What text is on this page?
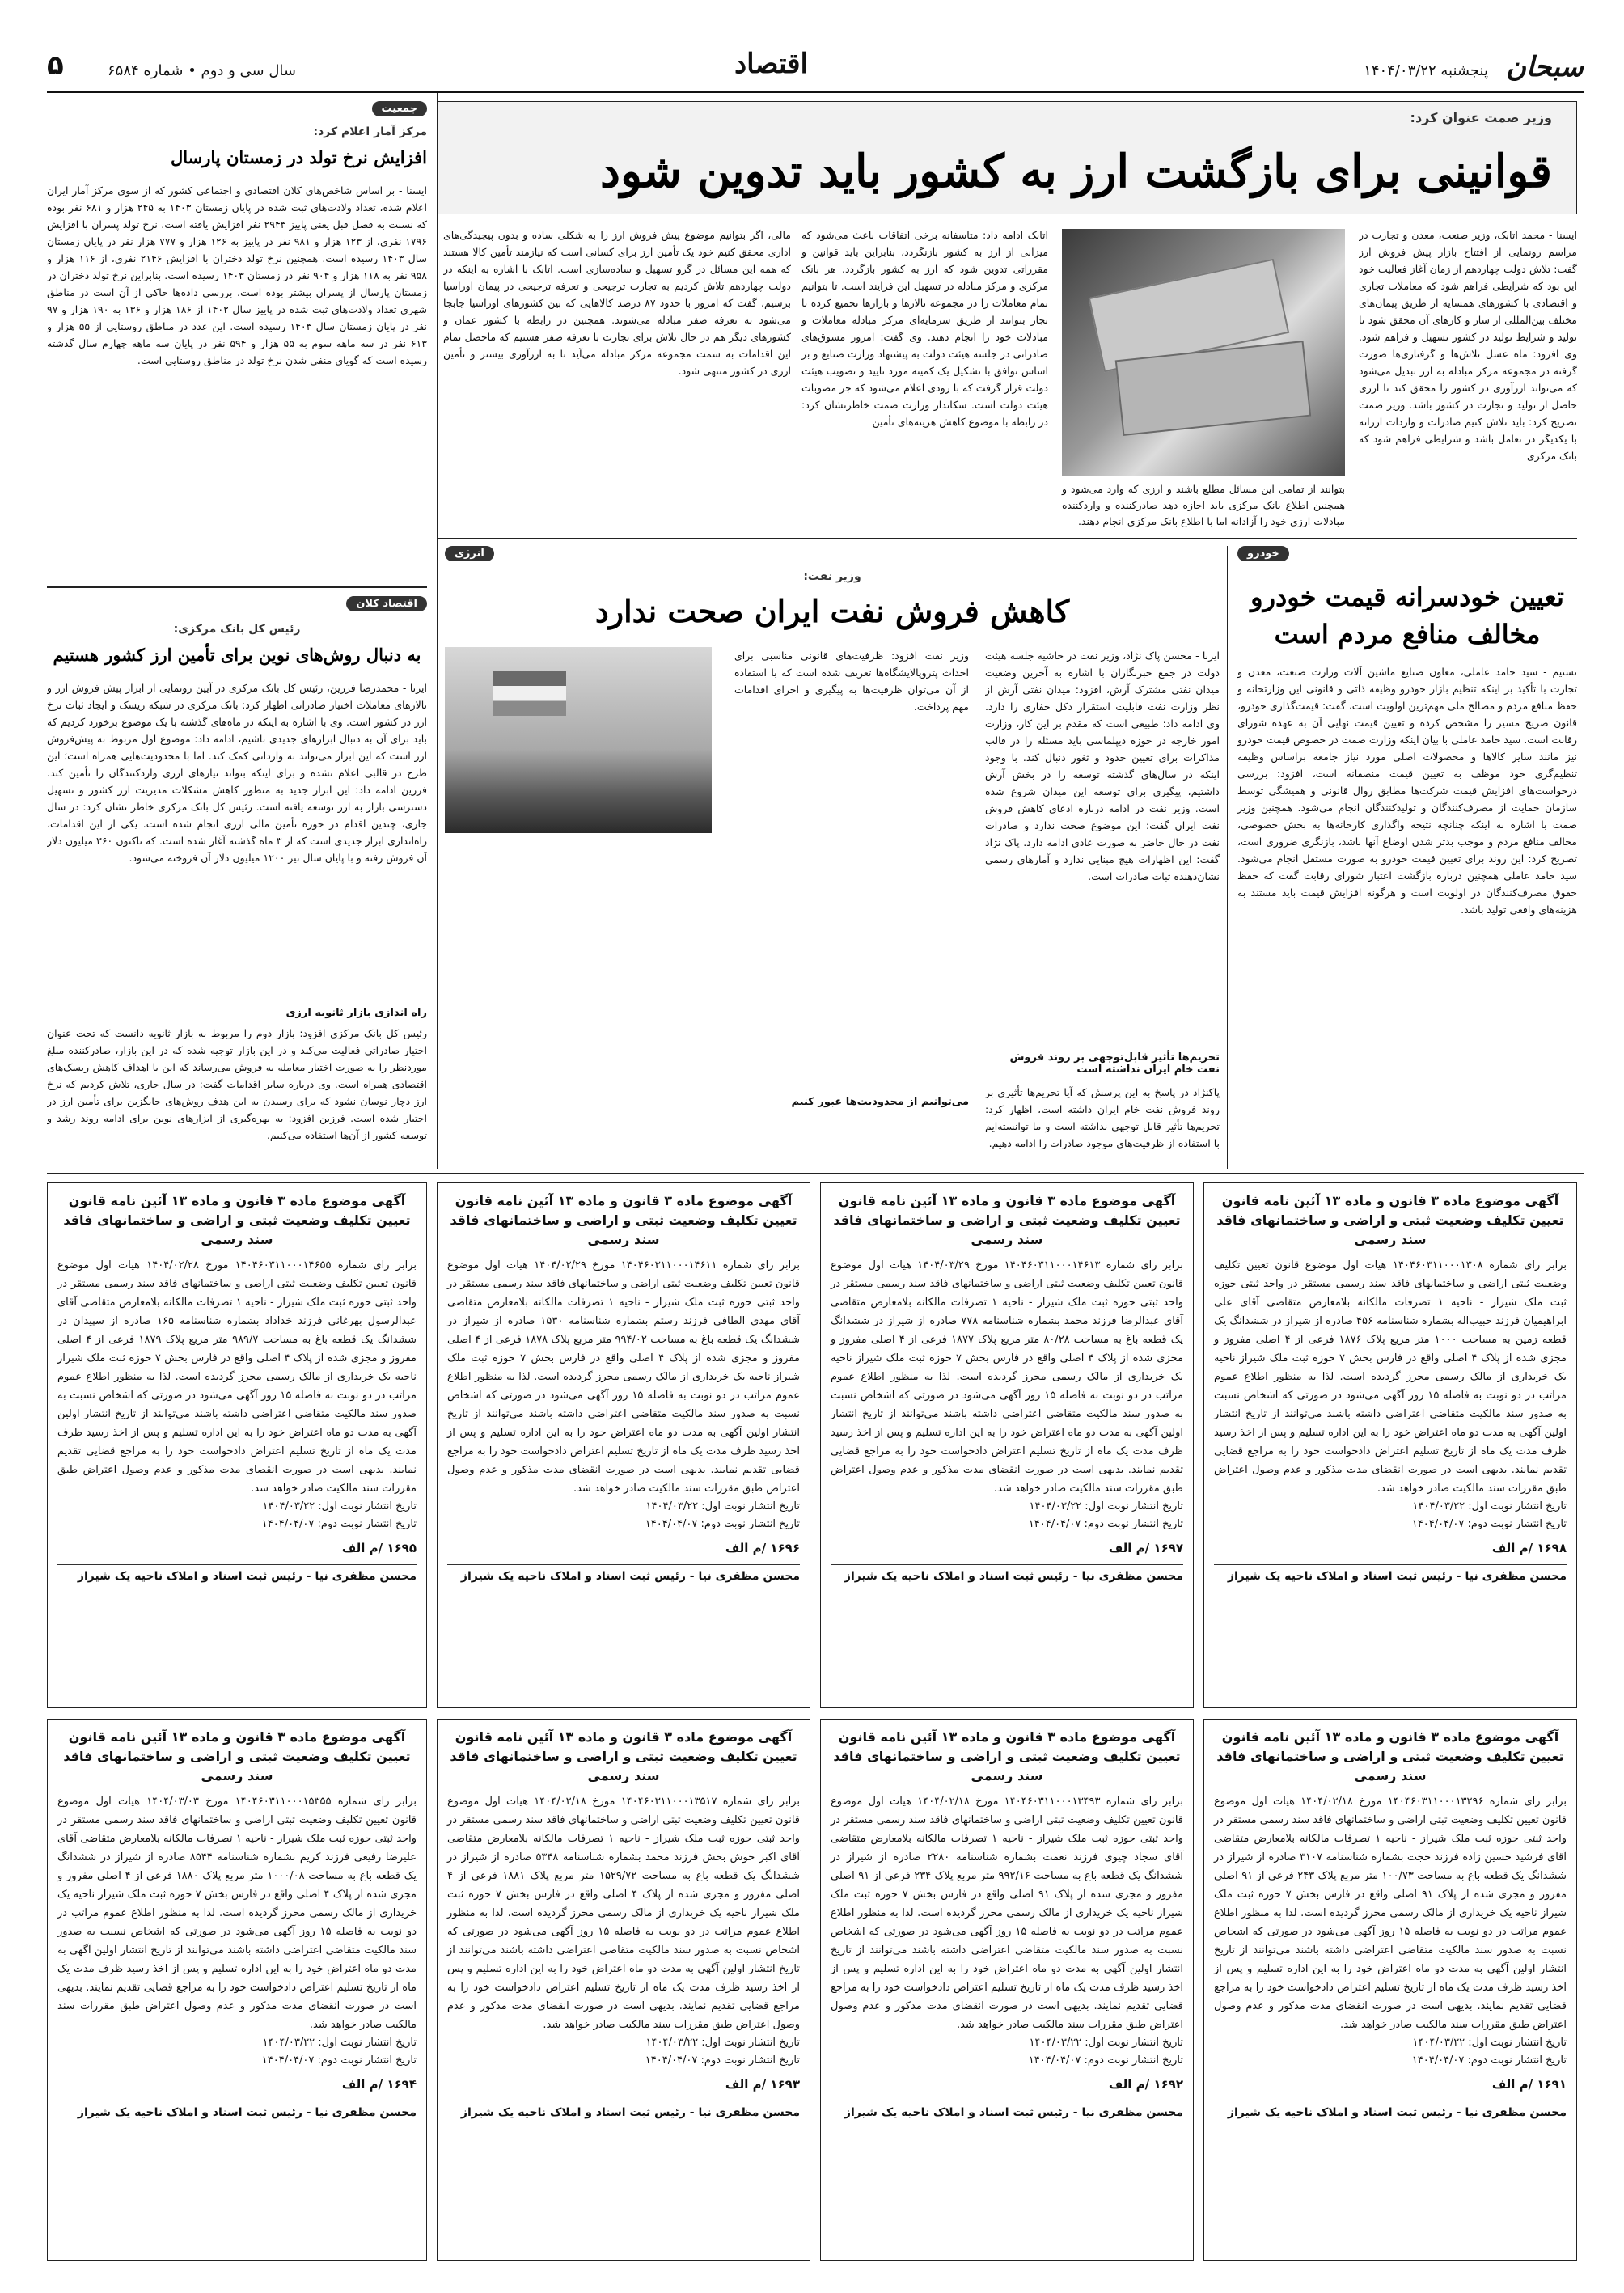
سبحان
پنجشنبه ۱۴۰۴/۰۳/۲۲
اقتصاد
سال سی و دوم • شماره ۶۵۸۴
۵
وزیر صمت عنوان کرد:
قوانینی برای بازگشت ارز به کشور باید تدوین شود
ایسنا - محمد اتابک، وزیر صنعت، معدن و تجارت در مراسم رونمایی از افتتاح بازار پیش فروش ارز گفت: تلاش دولت چهاردهم از زمان آغاز فعالیت خود این بود که شرایطی فراهم شود که معاملات تجاری و اقتصادی با کشورهای همسایه از طریق پیمان‌های مختلف بین‌المللی از ساز و کارهای آن محقق شود تا تولید و شرایط تولید در کشور تسهیل و فراهم شود. وی افزود: ماه عسل تلاش‌ها و گرفتاری‌ها صورت گرفته در مجموعه مرکز مبادله به ارز تبدیل می‌شود که می‌تواند ارزآوری در کشور را محقق کند تا ارزی حاصل از تولید و تجارت در کشور باشد. وزیر صمت تصریح کرد: باید تلاش کنیم صادرات و واردات ارزانه با یکدیگر در تعامل باشد و شرایطی فراهم شود که بانک مرکزی
بتوانند از تمامی این مسائل مطلع باشند و ارزی که وارد می‌شود و همچنین اطلاع بانک مرکزی باید اجازه دهد صادرکننده و واردکننده مبادلات ارزی خود را آزادانه اما با اطلاع بانک مرکزی انجام دهند.
اتابک ادامه داد: متاسفانه برخی اتفاقات باعث می‌شود که میزانی از ارز به کشور بازنگردد، بنابراین باید قوانین و مقرراتی تدوین شود که ارز به کشور بازگردد. هر بانک مرکزی و مرکز مبادله در تسهیل این فرایند است. تا بتوانیم تمام معاملات را در مجموعه تالارها و بازارها تجمیع کرده تا نجار بتوانند از طریق سرمایه‌ای مرکز مبادله معاملات و مبادلات خود را انجام دهند. وی گفت: امروز مشوق‌های صادراتی در جلسه هیئت دولت به پیشنهاد وزارت صنایع و بر اساس توافق با تشکیل یک کمیته مورد تایید و تصویب هیئت دولت قرار گرفت که با زودی اعلام می‌شود که جز مصوبات هیئت دولت است. سکاندار وزارت صمت خاطرنشان کرد: در رابطه با موضوع کاهش هزینه‌های تأمین
مالی، اگر بتوانیم موضوع پیش فروش ارز را به شکلی ساده و بدون پیچیدگی‌های اداری محقق کنیم خود یک تأمین ارز برای کسانی است که نیازمند تأمین کالا هستند که همه این مسائل در گرو تسهیل و ساده‌سازی است. اتابک با اشاره به اینکه در دولت چهاردهم تلاش کردیم به تجارت ترجیحی و تعرفه ترجیحی در پیمان اوراسیا برسیم، گفت که امروز با حدود ۸۷ درصد کالاهایی که بین کشورهای اوراسیا جابجا می‌شود به تعرفه صفر مبادله می‌شوند. همچنین در رابطه با کشور عمان و کشورهای دیگر هم در حال تلاش برای تجارت با تعرفه صفر هستیم که ماحصل تمام این اقدامات به سمت مجموعه مرکز مبادله می‌آید تا به ارزآوری بیشتر و تأمین ارزی در کشور منتهی شود.
جمعیت
مرکز آمار اعلام کرد:
افزایش نرخ تولد در زمستان پارسال
ایسنا - بر اساس شاخص‌های کلان اقتصادی و اجتماعی کشور که از سوی مرکز آمار ایران اعلام شده، تعداد ولادت‌های ثبت شده در پایان زمستان ۱۴۰۳ به ۲۴۵ هزار و ۶۸۱ نفر بوده که نسبت به فصل قبل یعنی پاییز ۲۹۴۳ نفر افزایش یافته است. نرخ تولد پسران با افزایش ۱۷۹۶ نفری، از ۱۲۳ هزار و ۹۸۱ نفر در پاییز به ۱۲۶ هزار و ۷۷۷ هزار نفر در پایان زمستان سال ۱۴۰۳ رسیده است. همچنین نرخ تولد دختران با افزایش ۲۱۴۶ نفری، از ۱۱۶ هزار و ۹۵۸ نفر به ۱۱۸ هزار و ۹۰۴ نفر در زمستان ۱۴۰۳ رسیده است. بنابراین نرخ تولد دختران در زمستان پارسال از پسران بیشتر بوده است. بررسی داده‌ها حاکی از آن است در مناطق شهری تعداد ولادت‌های ثبت شده در پاییز سال ۱۴۰۲ از ۱۸۶ هزار و ۱۳۶ به ۱۹۰ هزار و ۹۷ نفر در پایان زمستان سال ۱۴۰۳ رسیده است. این عدد در مناطق روستایی از ۵۵ هزار و ۶۱۳ نفر در سه ماهه سوم به ۵۵ هزار و ۵۹۴ نفر در پایان سه ماهه چهارم سال گذشته رسیده است که گویای منفی شدن نرخ تولد در مناطق روستایی است.
اقتصاد کلان
رئیس کل بانک مرکزی:
به دنبال روش‌های نوین برای تأمین ارز کشور هستیم
ایرنا - محمدرضا فرزین، رئیس کل بانک مرکزی در آیین رونمایی از ابزار پیش فروش ارز و تالارهای معاملات اختیار صادراتی اظهار کرد: بانک مرکزی در شبکه ریسک و ایجاد ثبات نرخ ارز در کشور است. وی با اشاره به اینکه در ماه‌های گذشته با یک موضوع برخورد کردیم که باید برای آن به دنبال ابزارهای جدیدی باشیم، ادامه داد: موضوع اول مربوط به پیش‌فروش ارز است که این ابزار می‌تواند به وارداتی کمک کند. اما با محدودیت‌هایی همراه است؛ این طرح در قالبی اعلام نشده و برای اینکه بتواند نیازهای ارزی واردکنندگان را تأمین کند. فرزین ادامه داد: این ابزار جدید به منظور کاهش مشکلات مدیریت ارز کشور و تسهیل دسترسی بازار به ارز توسعه یافته است. رئیس کل بانک مرکزی خاطر نشان کرد: در سال جاری، چندین اقدام در حوزه تأمین مالی ارزی انجام شده است. یکی از این اقدامات، راه‌اندازی ابزار جدیدی است که از ۳ ماه گذشته آغاز شده است. که تاکنون ۳۶۰ میلیون دلار آن فروش رفته و با پایان سال نیز ۱۲۰۰ میلیون دلار آن فروخته می‌شود.
راه اندازی بازار ثانویه ارزی
رئیس کل بانک مرکزی افزود: بازار دوم را مربوط به بازار ثانویه دانست که تحت عنوان اختیار صادراتی فعالیت می‌کند و در این بازار توجیه شده که در این بازار، صادرکننده مبلغ موردنظر را به صورت اختیار معامله به فروش می‌رساند که این با اهداف کاهش ریسک‌های اقتصادی همراه است. وی درباره سایر اقدامات گفت: در سال جاری، تلاش کردیم که نرخ ارز دچار نوسان نشود که برای رسیدن به این هدف روش‌های جایگزین برای تأمین ارز در اختیار شده است. فرزین افزود: به بهره‌گیری از ابزارهای نوین برای ادامه روند رشد و توسعه کشور از آن‌ها استفاده می‌کنیم.
خودرو
تعیین خودسرانه قیمت خودرو مخالف منافع مردم است
تسنیم - سید حامد عاملی، معاون صنایع ماشین آلات وزارت صنعت، معدن و تجارت با تأکید بر اینکه تنظیم بازار خودرو وظیفه ذاتی و قانونی این وزارتخانه و حفظ منافع مردم و مصالح ملی مهم‌ترین اولویت است، گفت: قیمت‌گذاری خودرو، قانون صریح مسیر را مشخص کرده و تعیین قیمت نهایی آن به عهده شورای رقابت است. سید حامد عاملی با بیان اینکه وزارت صمت در خصوص قیمت خودرو نیز مانند سایر کالاها و محصولات اصلی مورد نیاز جامعه براساس وظیفه تنظیم‌گری خود موظف به تعیین قیمت منصفانه است، افزود: بررسی درخواست‌های افزایش قیمت شرکت‌ها مطابق روال قانونی و همیشگی توسط سازمان حمایت از مصرف‌کنندگان و تولیدکنندگان انجام می‌شود. همچنین وزیر صمت با اشاره به اینکه چنانچه نتیجه واگذاری کارخانه‌ها به بخش خصوصی، مخالف منافع مردم و موجب بدتر شدن اوضاع آنها باشد، بازنگری ضروری است، تصریح کرد: این روند برای تعیین قیمت خودرو به صورت مستقل انجام می‌شود. سید حامد عاملی همچنین درباره بازگشت اعتبار شورای رقابت گفت که حفظ حقوق مصرف‌کنندگان در اولویت است و هرگونه افزایش قیمت باید مستند به هزینه‌های واقعی تولید باشد.
انرژی
وزیر نفت:
کاهش فروش نفت ایران صحت ندارد
ایرنا - محسن پاک نژاد، وزیر نفت در حاشیه جلسه هیئت دولت در جمع خبرنگاران با اشاره به آخرین وضعیت میدان نفتی مشترک آرش، افزود: میدان نفتی آرش از نظر وزارت نفت قابلیت استقرار دکل حفاری را دارد. وی ادامه داد: طبیعی است که مقدم بر این کار، وزارت امور خارجه در حوزه دیپلماسی باید مسئله را در قالب مذاکرات برای تعیین حدود و ثغور دنبال کند. با وجود اینکه در سال‌های گذشته توسعه را در بخش آرش داشتیم، پیگیری برای توسعه این میدان شروع شده است. وزیر نفت در ادامه درباره ادعای کاهش فروش نفت ایران گفت: این موضوع صحت ندارد و صادرات نفت در حال حاضر به صورت عادی ادامه دارد. پاک نژاد گفت: این اظهارات هیچ مبنایی ندارد و آمارهای رسمی نشان‌دهنده ثبات صادرات است.
تحریم‌ها تأثیر قابل‌توجهی بر روند فروش نفت خام ایران نداشته است
پاکنژاد در پاسخ به این پرسش که آیا تحریم‌ها تأثیری بر روند فروش نفت خام ایران داشته است، اظهار کرد: تحریم‌ها تأثیر قابل توجهی نداشته است و ما توانسته‌ایم با استفاده از ظرفیت‌های موجود صادرات را ادامه دهیم.
می‌توانیم از محدودیت‌ها عبور کنیم
وزیر نفت افزود: ظرفیت‌های قانونی مناسبی برای احداث پتروپالایشگاه‌ها تعریف شده است که با استفاده از آن می‌توان ظرفیت‌ها به پیگیری و اجرای اقدامات مهم پرداخت.
آگهی موضوع ماده ۳ قانون و ماده ۱۳ آئین نامه قانون تعیین تکلیف وضعیت ثبتی و اراضی و ساختمانهای فاقد سند رسمی
برابر رای شماره ۱۴۰۴۶۰۳۱۱۰۰۰۱۳۰۸ هیات اول موضوع قانون تعیین تکلیف وضعیت ثبتی اراضی و ساختمانهای فاقد سند رسمی مستقر در واحد ثبتی حوزه ثبت ملک شیراز - ناحیه ۱ تصرفات مالکانه بلامعارض متقاضی آقای علی ابراهیمیان فرزند حبیب‌اله بشماره شناسنامه ۴۵۶ صادره از شیراز در ششدانگ یک قطعه زمین به مساحت ۱۰۰۰ متر مربع پلاک ۱۸۷۶ فرعی از ۴ اصلی مفروز و مجزی شده از پلاک ۴ اصلی واقع در فارس بخش ۷ حوزه ثبت ملک شیراز ناحیه یک خریداری از مالک رسمی محرز گردیده است. لذا به منظور اطلاع عموم مراتب در دو نوبت به فاصله ۱۵ روز آگهی می‌شود در صورتی که اشخاص نسبت به صدور سند مالکیت متقاضی اعتراضی داشته باشند می‌توانند از تاریخ انتشار اولین آگهی به مدت دو ماه اعتراض خود را به این اداره تسلیم و پس از اخذ رسید ظرف مدت یک ماه از تاریخ تسلیم اعتراض دادخواست خود را به مراجع قضایی تقدیم نمایند. بدیهی است در صورت انقضای مدت مذکور و عدم وصول اعتراض طبق مقررات سند مالکیت صادر خواهد شد.
تاریخ انتشار نوبت اول: ۱۴۰۴/۰۳/۲۲
تاریخ انتشار نوبت دوم: ۱۴۰۴/۰۴/۰۷
۱۶۹۸ /م الف
محسن مظفری نیا - رئیس ثبت اسناد و املاک ناحیه یک شیراز
آگهی موضوع ماده ۳ قانون و ماده ۱۳ آئین نامه قانون تعیین تکلیف وضعیت ثبتی و اراضی و ساختمانهای فاقد سند رسمی
برابر رای شماره ۱۴۰۴۶۰۳۱۱۰۰۰۱۴۶۱۳ مورخ ۱۴۰۴/۰۳/۲۹ هیات اول موضوع قانون تعیین تکلیف وضعیت ثبتی اراضی و ساختمانهای فاقد سند رسمی مستقر در واحد ثبتی حوزه ثبت ملک شیراز - ناحیه ۱ تصرفات مالکانه بلامعارض متقاضی آقای عبدالرضا فرزند محمد بشماره شناسنامه ۷۷۸ صادره از شیراز در ششدانگ یک قطعه باغ به مساحت ۸۰/۲۸ متر مربع پلاک ۱۸۷۷ فرعی از ۴ اصلی مفروز و مجزی شده از پلاک ۴ اصلی واقع در فارس بخش ۷ حوزه ثبت ملک شیراز ناحیه یک خریداری از مالک رسمی محرز گردیده است. لذا به منظور اطلاع عموم مراتب در دو نوبت به فاصله ۱۵ روز آگهی می‌شود در صورتی که اشخاص نسبت به صدور سند مالکیت متقاضی اعتراضی داشته باشند می‌توانند از تاریخ انتشار اولین آگهی به مدت دو ماه اعتراض خود را به این اداره تسلیم و پس از اخذ رسید ظرف مدت یک ماه از تاریخ تسلیم اعتراض دادخواست خود را به مراجع قضایی تقدیم نمایند. بدیهی است در صورت انقضای مدت مذکور و عدم وصول اعتراض طبق مقررات سند مالکیت صادر خواهد شد.
تاریخ انتشار نوبت اول: ۱۴۰۴/۰۳/۲۲
تاریخ انتشار نوبت دوم: ۱۴۰۴/۰۴/۰۷
۱۶۹۷ /م الف
محسن مظفری نیا - رئیس ثبت اسناد و املاک ناحیه یک شیراز
آگهی موضوع ماده ۳ قانون و ماده ۱۳ آئین نامه قانون تعیین تکلیف وضعیت ثبتی و اراضی و ساختمانهای فاقد سند رسمی
برابر رای شماره ۱۴۰۴۶۰۳۱۱۰۰۰۱۴۶۱۱ مورخ ۱۴۰۴/۰۲/۲۹ هیات اول موضوع قانون تعیین تکلیف وضعیت ثبتی اراضی و ساختمانهای فاقد سند رسمی مستقر در واحد ثبتی حوزه ثبت ملک شیراز - ناحیه ۱ تصرفات مالکانه بلامعارض متقاضی آقای مهدی الطافی فرزند رستم بشماره شناسنامه ۱۵۳۰ صادره از شیراز در ششدانگ یک قطعه باغ به مساحت ۹۹۴/۰۲ متر مربع پلاک ۱۸۷۸ فرعی از ۴ اصلی مفروز و مجزی شده از پلاک ۴ اصلی واقع در فارس بخش ۷ حوزه ثبت ملک شیراز ناحیه یک خریداری از مالک رسمی محرز گردیده است. لذا به منظور اطلاع عموم مراتب در دو نوبت به فاصله ۱۵ روز آگهی می‌شود در صورتی که اشخاص نسبت به صدور سند مالکیت متقاضی اعتراضی داشته باشند می‌توانند از تاریخ انتشار اولین آگهی به مدت دو ماه اعتراض خود را به این اداره تسلیم و پس از اخذ رسید ظرف مدت یک ماه از تاریخ تسلیم اعتراض دادخواست خود را به مراجع قضایی تقدیم نمایند. بدیهی است در صورت انقضای مدت مذکور و عدم وصول اعتراض طبق مقررات سند مالکیت صادر خواهد شد.
تاریخ انتشار نوبت اول: ۱۴۰۴/۰۳/۲۲
تاریخ انتشار نوبت دوم: ۱۴۰۴/۰۴/۰۷
۱۶۹۶ /م الف
محسن مظفری نیا - رئیس ثبت اسناد و املاک ناحیه یک شیراز
آگهی موضوع ماده ۳ قانون و ماده ۱۳ آئین نامه قانون تعیین تکلیف وضعیت ثبتی و اراضی و ساختمانهای فاقد سند رسمی
برابر رای شماره ۱۴۰۴۶۰۳۱۱۰۰۰۱۴۶۵۵ مورخ ۱۴۰۴/۰۲/۲۸ هیات اول موضوع قانون تعیین تکلیف وضعیت ثبتی اراضی و ساختمانهای فاقد سند رسمی مستقر در واحد ثبتی حوزه ثبت ملک شیراز - ناحیه ۱ تصرفات مالکانه بلامعارض متقاضی آقای عبدالرسول بهرغانی فرزند خداداد بشماره شناسنامه ۱۶۵ صادره از سپیدان در ششدانگ یک قطعه باغ به مساحت ۹۸۹/۷ متر مربع پلاک ۱۸۷۹ فرعی از ۴ اصلی مفروز و مجزی شده از پلاک ۴ اصلی واقع در فارس بخش ۷ حوزه ثبت ملک شیراز ناحیه یک خریداری از مالک رسمی محرز گردیده است. لذا به منظور اطلاع عموم مراتب در دو نوبت به فاصله ۱۵ روز آگهی می‌شود در صورتی که اشخاص نسبت به صدور سند مالکیت متقاضی اعتراضی داشته باشند می‌توانند از تاریخ انتشار اولین آگهی به مدت دو ماه اعتراض خود را به این اداره تسلیم و پس از اخذ رسید ظرف مدت یک ماه از تاریخ تسلیم اعتراض دادخواست خود را به مراجع قضایی تقدیم نمایند. بدیهی است در صورت انقضای مدت مذکور و عدم وصول اعتراض طبق مقررات سند مالکیت صادر خواهد شد.
تاریخ انتشار نوبت اول: ۱۴۰۴/۰۳/۲۲
تاریخ انتشار نوبت دوم: ۱۴۰۴/۰۴/۰۷
۱۶۹۵ /م الف
محسن مظفری نیا - رئیس ثبت اسناد و املاک ناحیه یک شیراز
آگهی موضوع ماده ۳ قانون و ماده ۱۳ آئین نامه قانون تعیین تکلیف وضعیت ثبتی و اراضی و ساختمانهای فاقد سند رسمی
برابر رای شماره ۱۴۰۴۶۰۳۱۱۰۰۰۱۳۲۹۶ مورخ ۱۴۰۴/۰۲/۱۸ هیات اول موضوع قانون تعیین تکلیف وضعیت ثبتی اراضی و ساختمانهای فاقد سند رسمی مستقر در واحد ثبتی حوزه ثبت ملک شیراز - ناحیه ۱ تصرفات مالکانه بلامعارض متقاضی آقای فرشید حسین زاده فرزند حجت بشماره شناسنامه ۳۱۰۷ صادره از شیراز در ششدانگ یک قطعه باغ به مساحت ۱۰۰/۷۳ متر مربع پلاک ۲۴۳ فرعی از ۹۱ اصلی مفروز و مجزی شده از پلاک ۹۱ اصلی واقع در فارس بخش ۷ حوزه ثبت ملک شیراز ناحیه یک خریداری از مالک رسمی محرز گردیده است. لذا به منظور اطلاع عموم مراتب در دو نوبت به فاصله ۱۵ روز آگهی می‌شود در صورتی که اشخاص نسبت به صدور سند مالکیت متقاضی اعتراضی داشته باشند می‌توانند از تاریخ انتشار اولین آگهی به مدت دو ماه اعتراض خود را به این اداره تسلیم و پس از اخذ رسید ظرف مدت یک ماه از تاریخ تسلیم اعتراض دادخواست خود را به مراجع قضایی تقدیم نمایند. بدیهی است در صورت انقضای مدت مذکور و عدم وصول اعتراض طبق مقررات سند مالکیت صادر خواهد شد.
تاریخ انتشار نوبت اول: ۱۴۰۴/۰۳/۲۲
تاریخ انتشار نوبت دوم: ۱۴۰۴/۰۴/۰۷
۱۶۹۱ /م الف
محسن مظفری نیا - رئیس ثبت اسناد و املاک ناحیه یک شیراز
آگهی موضوع ماده ۳ قانون و ماده ۱۳ آئین نامه قانون تعیین تکلیف وضعیت ثبتی و اراضی و ساختمانهای فاقد سند رسمی
برابر رای شماره ۱۴۰۴۶۰۳۱۱۰۰۰۱۳۴۹۳ مورخ ۱۴۰۴/۰۲/۱۸ هیات اول موضوع قانون تعیین تکلیف وضعیت ثبتی اراضی و ساختمانهای فاقد سند رسمی مستقر در واحد ثبتی حوزه ثبت ملک شیراز - ناحیه ۱ تصرفات مالکانه بلامعارض متقاضی آقای سجاد چیوی فرزند نعمت بشماره شناسنامه ۲۲۸۰ صادره از شیراز در ششدانگ یک قطعه باغ به مساحت ۹۹۲/۱۶ متر مربع پلاک ۲۳۴ فرعی از ۹۱ اصلی مفروز و مجزی شده از پلاک ۹۱ اصلی واقع در فارس بخش ۷ حوزه ثبت ملک شیراز ناحیه یک خریداری از مالک رسمی محرز گردیده است. لذا به منظور اطلاع عموم مراتب در دو نوبت به فاصله ۱۵ روز آگهی می‌شود در صورتی که اشخاص نسبت به صدور سند مالکیت متقاضی اعتراضی داشته باشند می‌توانند از تاریخ انتشار اولین آگهی به مدت دو ماه اعتراض خود را به این اداره تسلیم و پس از اخذ رسید ظرف مدت یک ماه از تاریخ تسلیم اعتراض دادخواست خود را به مراجع قضایی تقدیم نمایند. بدیهی است در صورت انقضای مدت مذکور و عدم وصول اعتراض طبق مقررات سند مالکیت صادر خواهد شد.
تاریخ انتشار نوبت اول: ۱۴۰۴/۰۳/۲۲
تاریخ انتشار نوبت دوم: ۱۴۰۴/۰۴/۰۷
۱۶۹۲ /م الف
محسن مظفری نیا - رئیس ثبت اسناد و املاک ناحیه یک شیراز
آگهی موضوع ماده ۳ قانون و ماده ۱۳ آئین نامه قانون تعیین تکلیف وضعیت ثبتی و اراضی و ساختمانهای فاقد سند رسمی
برابر رای شماره ۱۴۰۴۶۰۳۱۱۰۰۰۱۳۵۱۷ مورخ ۱۴۰۴/۰۲/۱۸ هیات اول موضوع قانون تعیین تکلیف وضعیت ثبتی اراضی و ساختمانهای فاقد سند رسمی مستقر در واحد ثبتی حوزه ثبت ملک شیراز - ناحیه ۱ تصرفات مالکانه بلامعارض متقاضی آقای اکبر خوش بخش فرزند محمد بشماره شناسنامه ۵۳۴۸ صادره از شیراز در ششدانگ یک قطعه باغ به مساحت ۱۵۲۹/۷۲ متر مربع پلاک ۱۸۸۱ فرعی از ۴ اصلی مفروز و مجزی شده از پلاک ۴ اصلی واقع در فارس بخش ۷ حوزه ثبت ملک شیراز ناحیه یک خریداری از مالک رسمی محرز گردیده است. لذا به منظور اطلاع عموم مراتب در دو نوبت به فاصله ۱۵ روز آگهی می‌شود در صورتی که اشخاص نسبت به صدور سند مالکیت متقاضی اعتراضی داشته باشند می‌توانند از تاریخ انتشار اولین آگهی به مدت دو ماه اعتراض خود را به این اداره تسلیم و پس از اخذ رسید ظرف مدت یک ماه از تاریخ تسلیم اعتراض دادخواست خود را به مراجع قضایی تقدیم نمایند. بدیهی است در صورت انقضای مدت مذکور و عدم وصول اعتراض طبق مقررات سند مالکیت صادر خواهد شد.
تاریخ انتشار نوبت اول: ۱۴۰۴/۰۳/۲۲
تاریخ انتشار نوبت دوم: ۱۴۰۴/۰۴/۰۷
۱۶۹۳ /م الف
محسن مظفری نیا - رئیس ثبت اسناد و املاک ناحیه یک شیراز
آگهی موضوع ماده ۳ قانون و ماده ۱۳ آئین نامه قانون تعیین تکلیف وضعیت ثبتی و اراضی و ساختمانهای فاقد سند رسمی
برابر رای شماره ۱۴۰۴۶۰۳۱۱۰۰۰۱۵۳۵۵ مورخ ۱۴۰۴/۰۳/۰۳ هیات اول موضوع قانون تعیین تکلیف وضعیت ثبتی اراضی و ساختمانهای فاقد سند رسمی مستقر در واحد ثبتی حوزه ثبت ملک شیراز - ناحیه ۱ تصرفات مالکانه بلامعارض متقاضی آقای علیرضا رفیعی فرزند کریم بشماره شناسنامه ۸۵۴۴ صادره از شیراز در ششدانگ یک قطعه باغ به مساحت ۱۰۰۰/۰۸ متر مربع پلاک ۱۸۸۰ فرعی از ۴ اصلی مفروز و مجزی شده از پلاک ۴ اصلی واقع در فارس بخش ۷ حوزه ثبت ملک شیراز ناحیه یک خریداری از مالک رسمی محرز گردیده است. لذا به منظور اطلاع عموم مراتب در دو نوبت به فاصله ۱۵ روز آگهی می‌شود در صورتی که اشخاص نسبت به صدور سند مالکیت متقاضی اعتراضی داشته باشند می‌توانند از تاریخ انتشار اولین آگهی به مدت دو ماه اعتراض خود را به این اداره تسلیم و پس از اخذ رسید ظرف مدت یک ماه از تاریخ تسلیم اعتراض دادخواست خود را به مراجع قضایی تقدیم نمایند. بدیهی است در صورت انقضای مدت مذکور و عدم وصول اعتراض طبق مقررات سند مالکیت صادر خواهد شد.
تاریخ انتشار نوبت اول: ۱۴۰۴/۰۳/۲۲
تاریخ انتشار نوبت دوم: ۱۴۰۴/۰۴/۰۷
۱۶۹۴ /م الف
محسن مظفری نیا - رئیس ثبت اسناد و املاک ناحیه یک شیراز
